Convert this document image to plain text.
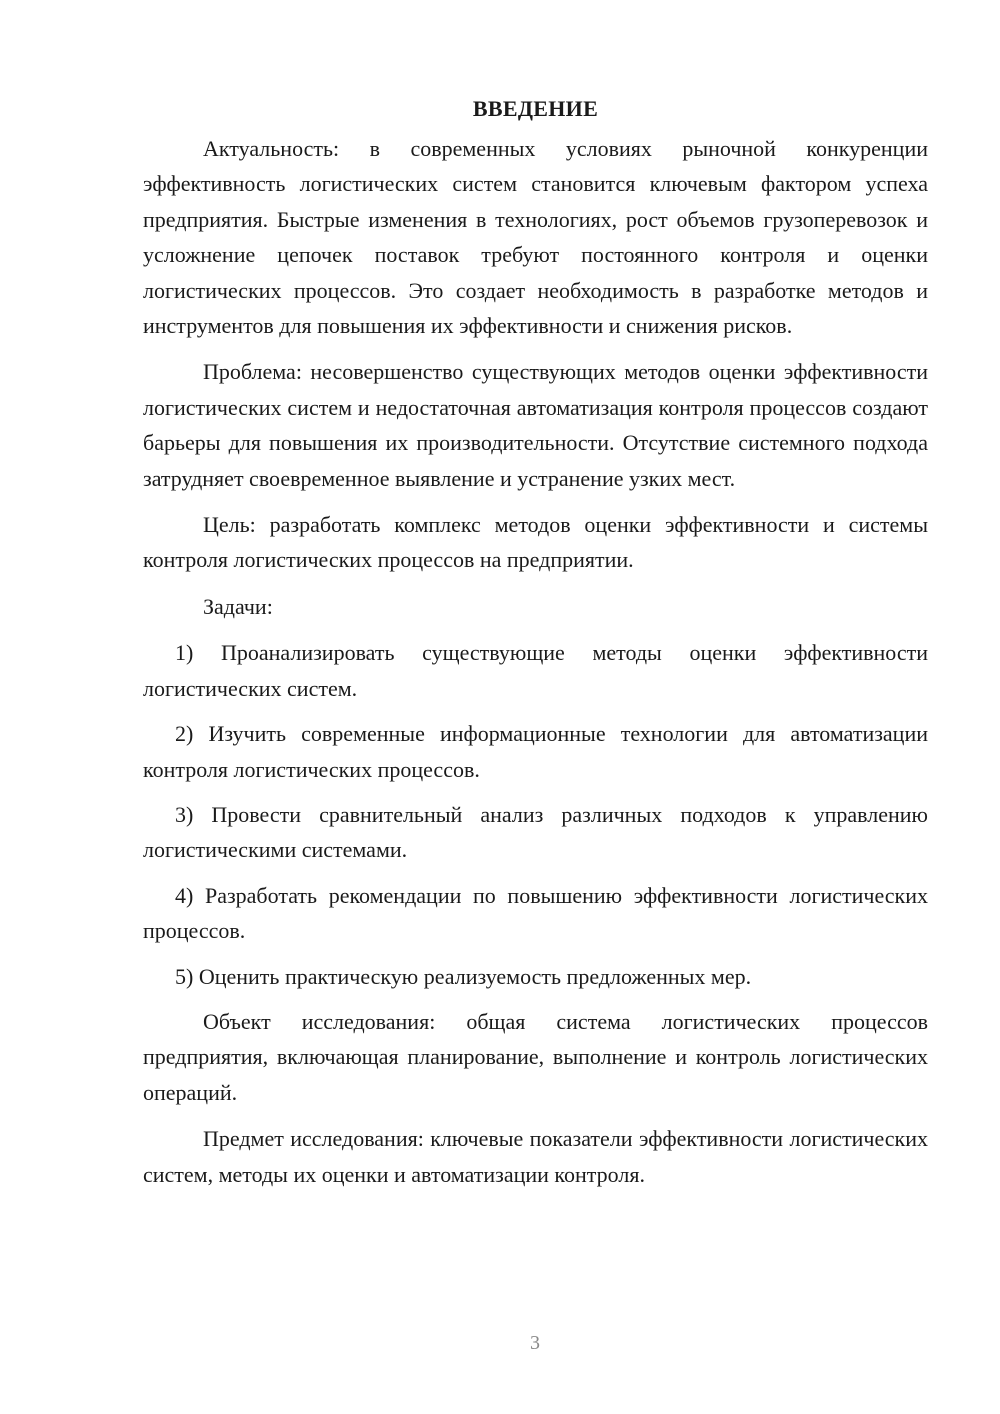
ВВЕДЕНИЕ

Актуальность: в современных условиях рыночной конкуренции эффективность логистических систем становится ключевым фактором успеха предприятия. Быстрые изменения в технологиях, рост объемов грузоперевозок и усложнение цепочек поставок требуют постоянного контроля и оценки логистических процессов. Это создает необходимость в разработке методов и инструментов для повышения их эффективности и снижения рисков.

Проблема: несовершенство существующих методов оценки эффективности логистических систем и недостаточная автоматизация контроля процессов создают барьеры для повышения их производительности. Отсутствие системного подхода затрудняет своевременное выявление и устранение узких мест.

Цель: разработать комплекс методов оценки эффективности и системы контроля логистических процессов на предприятии.

Задачи:

1) Проанализировать существующие методы оценки эффективности логистических систем.

2) Изучить современные информационные технологии для автоматизации контроля логистических процессов.

3) Провести сравнительный анализ различных подходов к управлению логистическими системами.

4) Разработать рекомендации по повышению эффективности логистических процессов.

5) Оценить практическую реализуемость предложенных мер.

Объект исследования: общая система логистических процессов предприятия, включающая планирование, выполнение и контроль логистических операций.

Предмет исследования: ключевые показатели эффективности логистических систем, методы их оценки и автоматизации контроля.

3
